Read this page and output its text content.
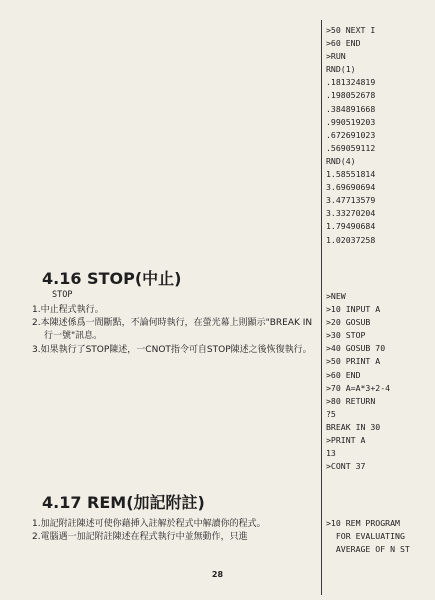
>50 NEXT I
>60 END
>RUN
RND(1)
.181324819
.198052678
.384891668
.990519203
.672691023
.569059112
RND(4)
1.58551814
3.69690694
3.47713579
3.33270204
1.79490684
1.02037258
4.16 STOP(中止)
STOP
1.中止程式執行。
2.本陳述係爲一間斷點，不論何時執行，在螢光幕上則顯示"BREAK IN行一號"訊息。
3.如果執行了STOP陳述，一CNOT指令可自STOP陳述之後恢復執行。
>NEW
>10 INPUT A
>20 GOSUB
>30 STOP
>40 GOSUB 70
>50 PRINT A
>60 END
>70 A=A*3+2-4
>80 RETURN
?5
BREAK IN 30
>PRINT A
13
>CONT 37
4.17 REM(加記附註)
1.加記附註陳述可使你藉挿入註解於程式中解讀你的程式。
2.電腦遇一加記附註陳述在程式執行中並無動作，只進
>10 REM PROGRAM
FOR EVALUATING
AVERAGE OF N ST
28
